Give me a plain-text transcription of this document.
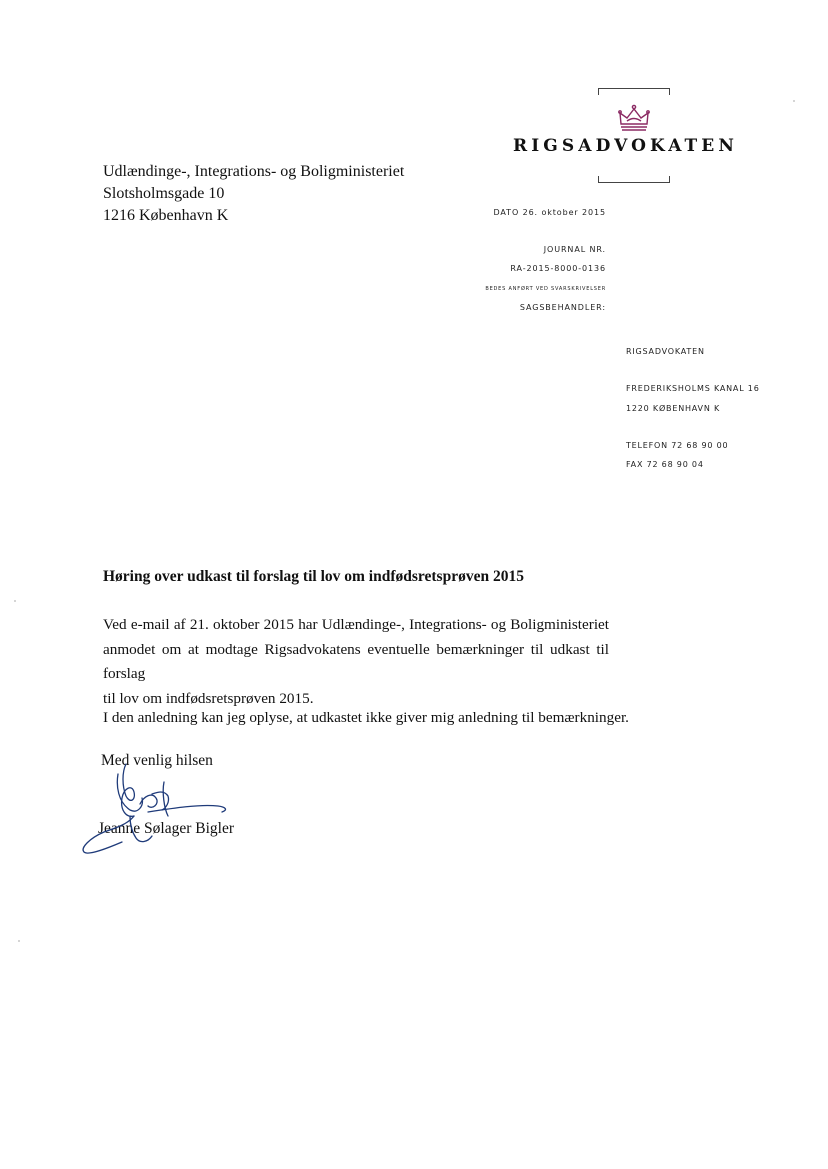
RIGSADVOKATEN
Udlændinge-, Integrations- og Boligministeriet
Slotsholmsgade 10
1216 København K	DATO 26. oktober 2015
JOURNAL NR.
RA-2015-8000-0136
BEDES ANFØRT VED SVARSKRIVELSER
SAGSBEHANDLER:
RIGSADVOKATEN
FREDERIKSHOLMS KANAL 16
1220 KØBENHAVN K
TELEFON 72 68 90 00
FAX 72 68 90 04
Høring over udkast til forslag til lov om indfødsretsprøven 2015
Ved e-mail af 21. oktober 2015 har Udlændinge-, Integrations- og Boligministeriet
anmodet om at modtage Rigsadvokatens eventuelle bemærkninger til udkast til forslag
til lov om indfødsretsprøven 2015.
I den anledning kan jeg oplyse, at udkastet ikke giver mig anledning til bemærkninger.
Med venlig hilsen
Jeanne Sølager Bigler
